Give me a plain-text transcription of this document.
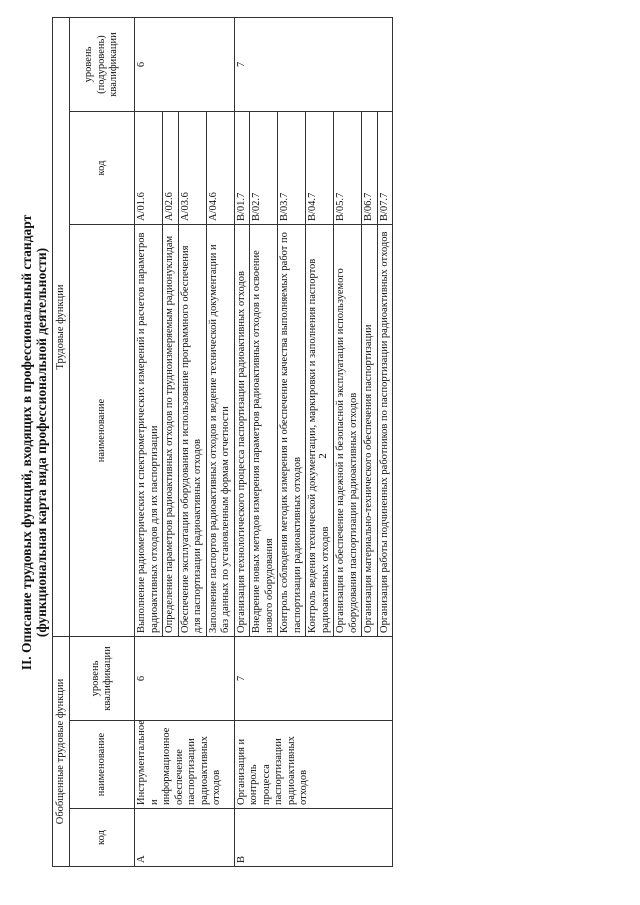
2
II. Описание трудовых функций, входящих в профессиональный стандарт (функциональная карта вида профессиональной деятельности)
Обобщенные трудовые функции			Трудовые функции		
код	наименование	уровень квалификации	наименование	код	уровень (подуровень) квалификации
A	Инструментальное и информационное обеспечение паспортизации радиоактивных отходов	6	Выполнение радиометрических и спектрометрических измерений и расчетов параметров радиоактивных отходов для их паспортизации	A/01.6	6
			Определение параметров радиоактивных отходов по трудноизмеряемым радионуклидам	A/02.6	
			Обеспечение эксплуатации оборудования и использование программного обеспечения для паспортизации радиоактивных отходов	A/03.6	
			Заполнение паспортов радиоактивных отходов и ведение технической документации и баз данных по установленным формам отчетности	A/04.6	
B	Организация и контроль процесса паспортизации радиоактивных отходов	7	Организация технологического процесса паспортизации радиоактивных отходов	B/01.7	7
			Внедрение новых методов измерения параметров радиоактивных отходов и освоение нового оборудования	B/02.7	
			Контроль соблюдения методик измерения и обеспечение качества выполняемых работ по паспортизации радиоактивных отходов	B/03.7	
			Контроль ведения технической документации, маркировки и заполнения паспортов радиоактивных отходов	B/04.7	
			Организация и обеспечение надежной и безопасной эксплуатации используемого оборудования паспортизации радиоактивных отходов	B/05.7	
			Организация материально-технического обеспечения паспортизации	B/06.7	
			Организация работы подчиненных работников по паспортизации радиоактивных отходов	B/07.7	
